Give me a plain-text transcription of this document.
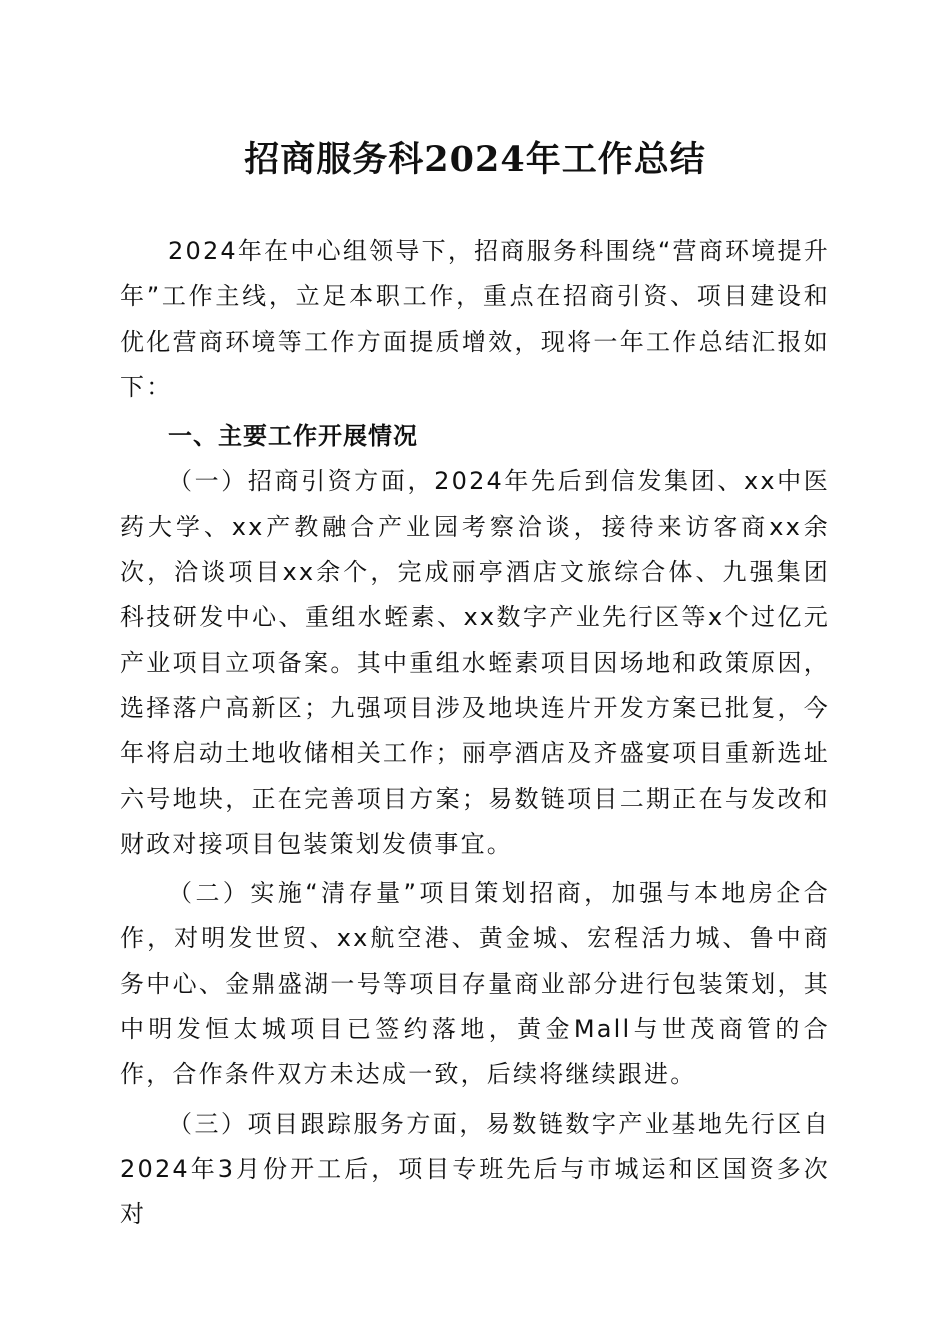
招商服务科2024年工作总结

2024年在中心组领导下，招商服务科围绕“营商环境提升年”工作主线，立足本职工作，重点在招商引资、项目建设和优化营商环境等工作方面提质增效，现将一年工作总结汇报如下：

一、主要工作开展情况

（一）招商引资方面，2024年先后到信发集团、xx中医药大学、xx产教融合产业园考察洽谈，接待来访客商xx余次，洽谈项目xx余个，完成丽亭酒店文旅综合体、九强集团科技研发中心、重组水蛭素、xx数字产业先行区等x个过亿元产业项目立项备案。其中重组水蛭素项目因场地和政策原因，选择落户高新区；九强项目涉及地块连片开发方案已批复，今年将启动土地收储相关工作；丽亭酒店及齐盛宴项目重新选址六号地块，正在完善项目方案；易数链项目二期正在与发改和财政对接项目包装策划发债事宜。

（二）实施“清存量”项目策划招商，加强与本地房企合作，对明发世贸、xx航空港、黄金城、宏程活力城、鲁中商务中心、金鼎盛湖一号等项目存量商业部分进行包装策划，其中明发恒太城项目已签约落地，黄金Mall与世茂商管的合作，合作条件双方未达成一致，后续将继续跟进。

（三）项目跟踪服务方面，易数链数字产业基地先行区自2024年3月份开工后，项目专班先后与市城运和区国资多次对
